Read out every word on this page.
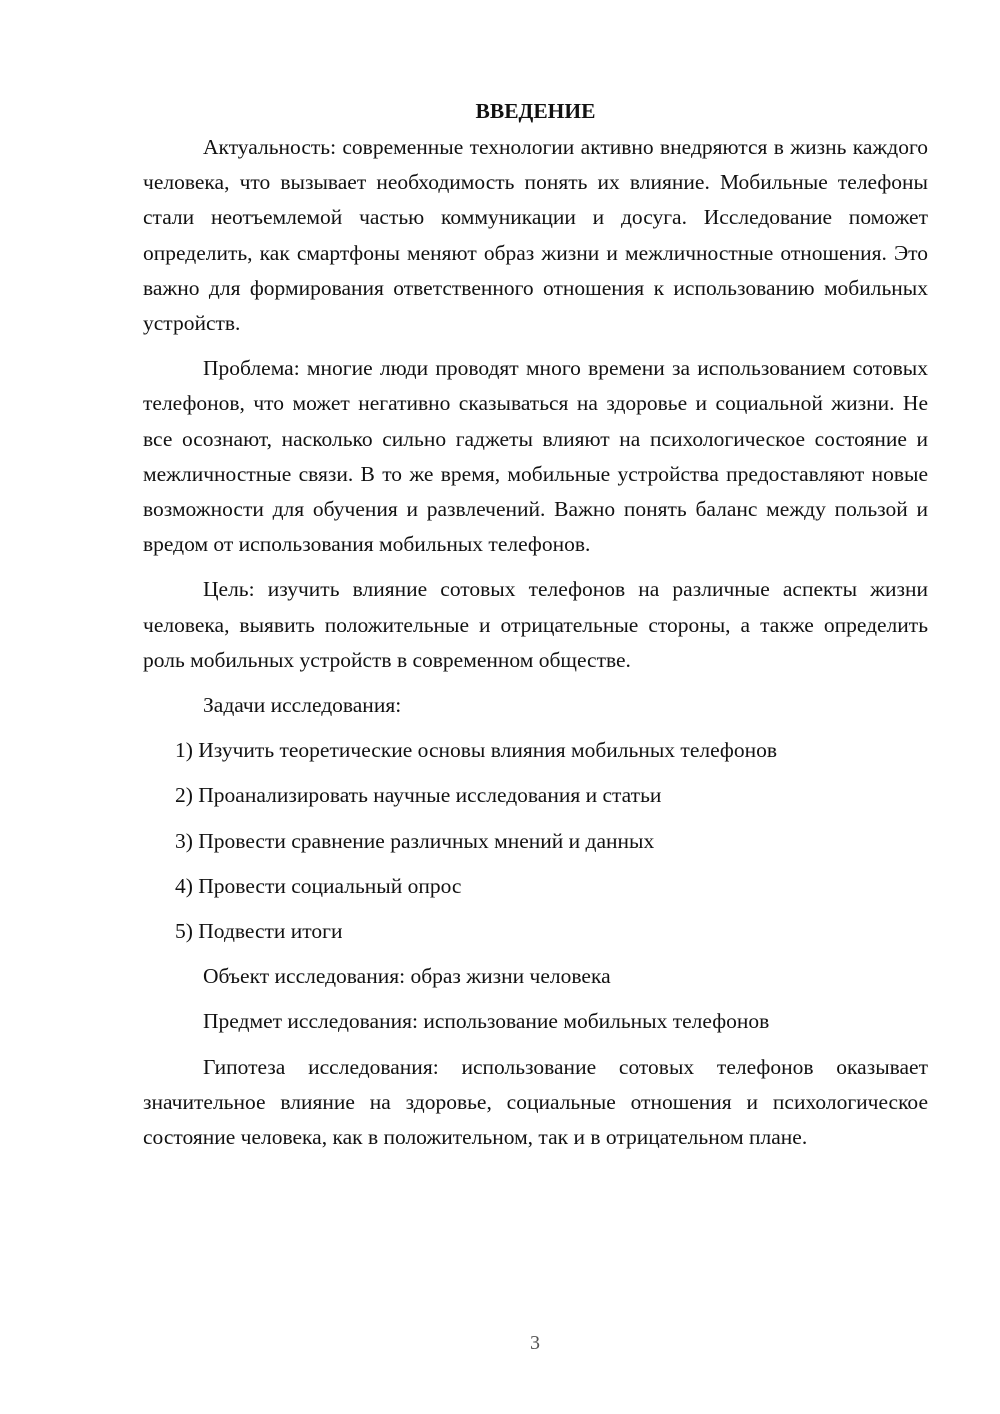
ВВЕДЕНИЕ

Актуальность: современные технологии активно внедряются в жизнь каждого человека, что вызывает необходимость понять их влияние. Мобильные телефоны стали неотъемлемой частью коммуникации и досуга. Исследование поможет определить, как смартфоны меняют образ жизни и межличностные отношения. Это важно для формирования ответственного отношения к использованию мобильных устройств.

Проблема: многие люди проводят много времени за использованием сотовых телефонов, что может негативно сказываться на здоровье и социальной жизни. Не все осознают, насколько сильно гаджеты влияют на психологическое состояние и межличностные связи. В то же время, мобильные устройства предоставляют новые возможности для обучения и развлечений. Важно понять баланс между пользой и вредом от использования мобильных телефонов.

Цель: изучить влияние сотовых телефонов на различные аспекты жизни человека, выявить положительные и отрицательные стороны, а также определить роль мобильных устройств в современном обществе.

Задачи исследования:

1) Изучить теоретические основы влияния мобильных телефонов
2) Проанализировать научные исследования и статьи
3) Провести сравнение различных мнений и данных
4) Провести социальный опрос
5) Подвести итоги

Объект исследования: образ жизни человека

Предмет исследования: использование мобильных телефонов

Гипотеза исследования: использование сотовых телефонов оказывает значительное влияние на здоровье, социальные отношения и психологическое состояние человека, как в положительном, так и в отрицательном плане.

3
